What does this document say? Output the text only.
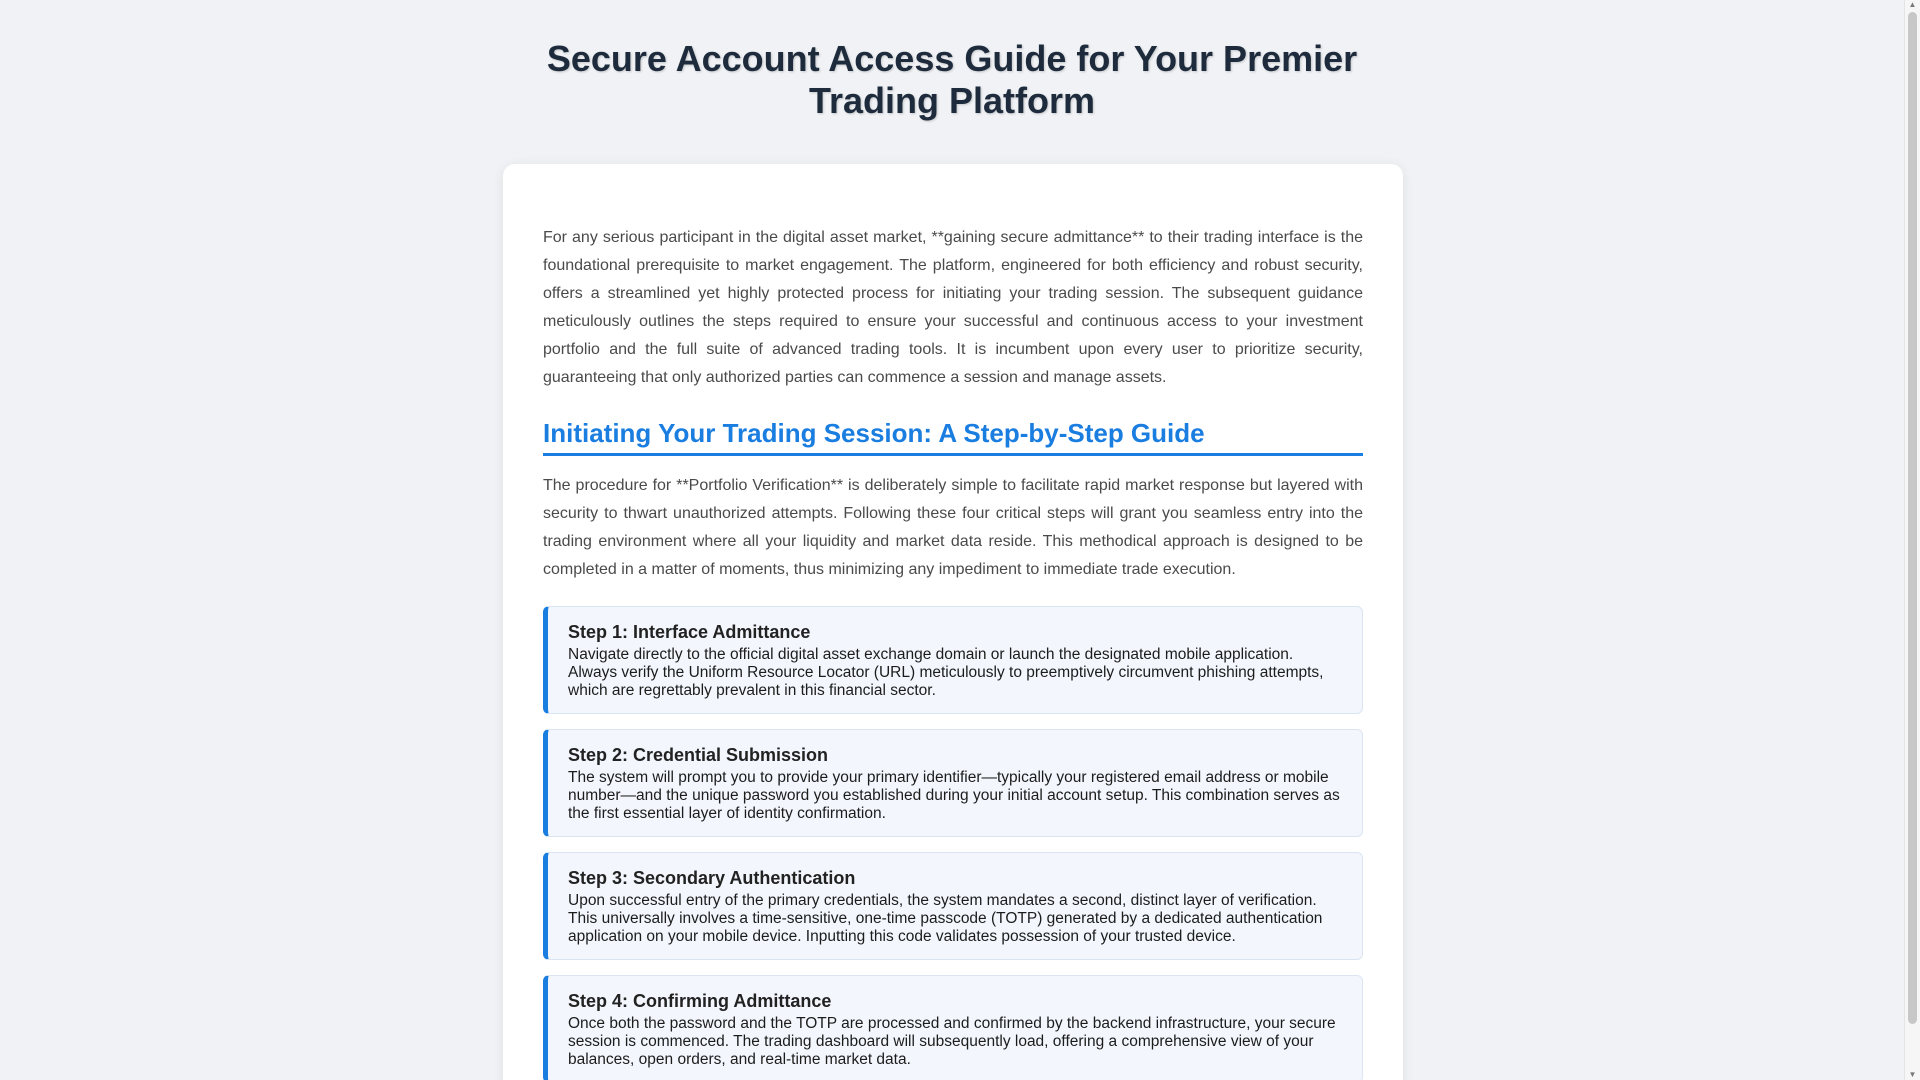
Secure Account Access Guide for Your Premier Trading Platform

For any serious participant in the digital asset market, **gaining secure admittance** to their trading interface is the foundational prerequisite to market engagement. The platform, engineered for both efficiency and robust security, offers a streamlined yet highly protected process for initiating your trading session. The subsequent guidance meticulously outlines the steps required to ensure your successful and continuous access to your investment portfolio and the full suite of advanced trading tools. It is incumbent upon every user to prioritize security, guaranteeing that only authorized parties can commence a session and manage assets.

Initiating Your Trading Session: A Step-by-Step Guide

The procedure for **Portfolio Verification** is deliberately simple to facilitate rapid market response but layered with security to thwart unauthorized attempts. Following these four critical steps will grant you seamless entry into the trading environment where all your liquidity and market data reside. This methodical approach is designed to be completed in a matter of moments, thus minimizing any impediment to immediate trade execution.

Step 1: Interface Admittance

Navigate directly to the official digital asset exchange domain or launch the designated mobile application. Always verify the Uniform Resource Locator (URL) meticulously to preemptively circumvent phishing attempts, which are regrettably prevalent in this financial sector.

Step 2: Credential Submission

The system will prompt you to provide your primary identifier—typically your registered email address or mobile number—and the unique password you established during your initial account setup. This combination serves as the first essential layer of identity confirmation.

Step 3: Secondary Authentication

Upon successful entry of the primary credentials, the system mandates a second, distinct layer of verification. This universally involves a time-sensitive, one-time passcode (TOTP) generated by a dedicated authentication application on your mobile device. Inputting this code validates possession of your trusted device.

Step 4: Confirming Admittance

Once both the password and the TOTP are processed and confirmed by the backend infrastructure, your secure session is commenced. The trading dashboard will subsequently load, offering a comprehensive view of your balances, open orders, and real-time market data.

▲
▼
